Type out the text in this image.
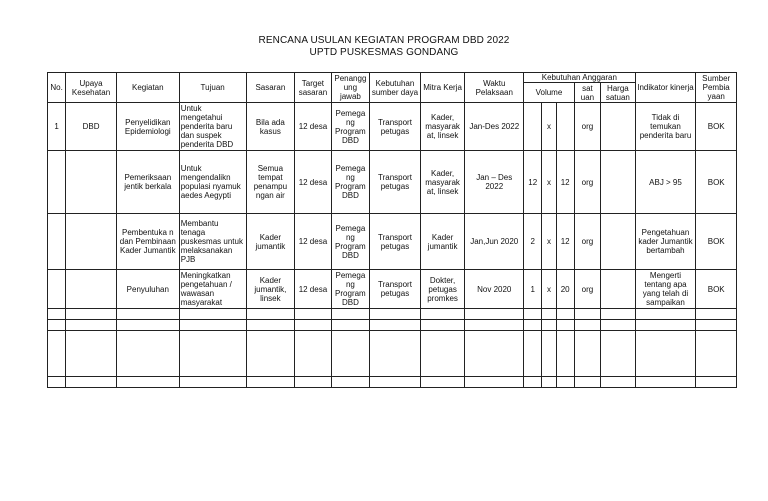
RENCANA USULAN KEGIATAN PROGRAM DBD 2022
UPTD PUSKESMAS GONDANG
No.	Upaya Kesehatan	Kegiatan	Tujuan	Sasaran	Target sasaran	Penangg ung jawab	Kebutuhan sumber daya	Mitra Kerja	Waktu Pelaksaan	Kebutuhan Anggaran					Indikator kinerja	Sumber Pembia yaan
										Volume			sat uan	Harga satuan		
1	DBD	Penyelidikan Epidemiologi	Untuk mengetahui penderita baru dan suspek penderita DBD	Bila ada kasus	12 desa	Pemega ng Program DBD	Transport petugas	Kader, masyarak at, linsek	Jan-Des 2022		x		org		Tidak di temukan penderita baru	BOK
		Pemeriksaan jentik berkala	Untuk mengendalikn populasi nyamuk aedes Aegypti	Semua tempat penampu ngan air	12 desa	Pemega ng Program DBD	Transport petugas	Kader, masyarak at, linsek	Jan – Des 2022	12	x	12	org		ABJ > 95	BOK
		Pembentuka n dan Pembinaan Kader Jumantik	Membantu tenaga puskesmas untuk melaksanakan PJB	Kader jumantik	12 desa	Pemega ng Program DBD	Transport petugas	Kader jumantik	Jan,Jun 2020	2	x	12	org		Pengetahuan kader Jumantik bertambah	BOK
		Penyuluhan	Meningkatkan pengetahuan / wawasan masyarakat	Kader jumantik, linsek	12 desa	Pemega ng Program DBD	Transport petugas	Dokter, petugas promkes	Nov 2020	1	x	20	org		Mengerti tentang apa yang telah di sampaikan	BOK
